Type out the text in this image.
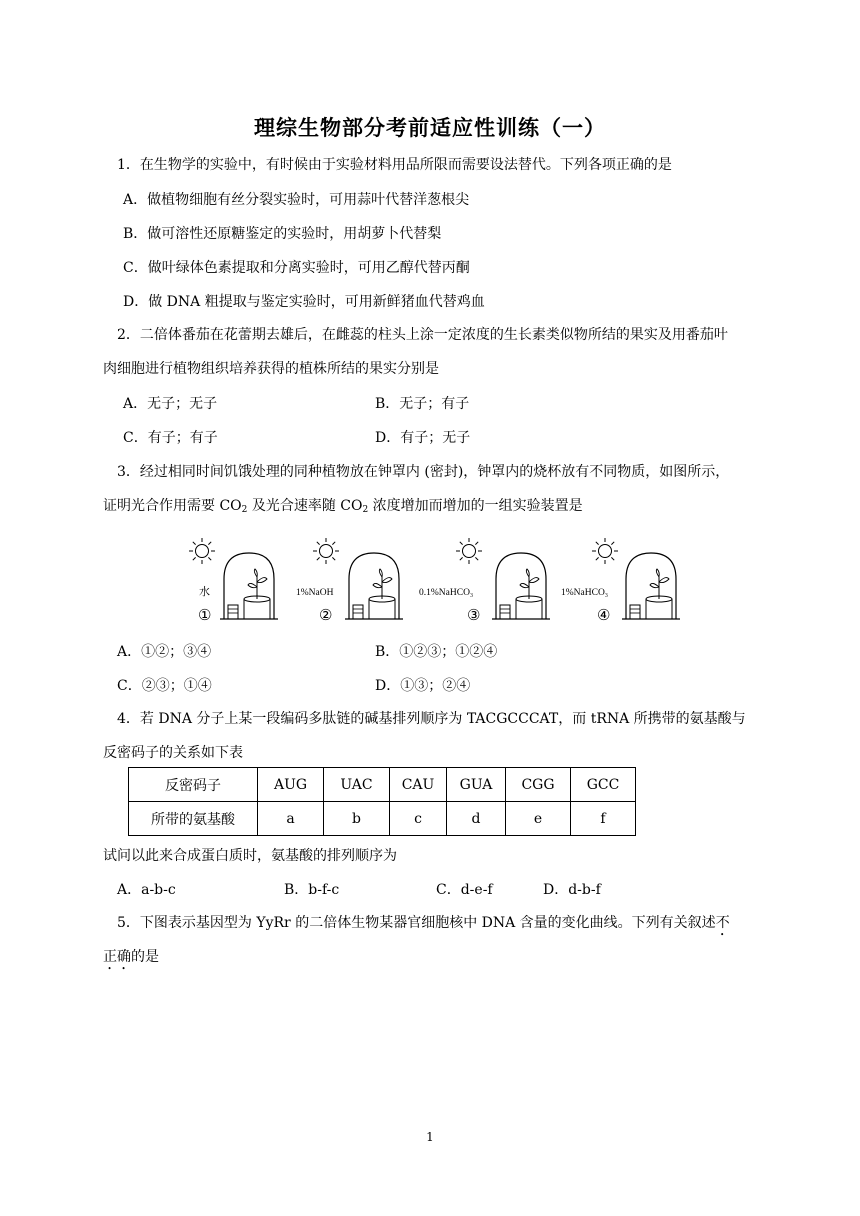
理综生物部分考前适应性训练（一）
1．在生物学的实验中，有时候由于实验材料用品所限而需要设法替代。下列各项正确的是
A．做植物细胞有丝分裂实验时，可用蒜叶代替洋葱根尖
B．做可溶性还原糖鉴定的实验时，用胡萝卜代替梨
C．做叶绿体色素提取和分离实验时，可用乙醇代替丙酮
D．做 DNA 粗提取与鉴定实验时，可用新鲜猪血代替鸡血
2．二倍体番茄在花蕾期去雄后，在雌蕊的柱头上涂一定浓度的生长素类似物所结的果实及用番茄叶
肉细胞进行植物组织培养获得的植株所结的果实分别是
A．无子；无子	B．无子；有子
C．有子；有子	D．有子；无子
3．经过相同时间饥饿处理的同种植物放在钟罩内 (密封)，钟罩内的烧杯放有不同物质，如图所示，
证明光合作用需要 $CO_2$ 及光合速率随 $CO_2$ 浓度增加而增加的一组实验装置是
水
①
1%NaOH
②
0.1%NaHCO₃
③
1%NaHCO₃
④
A．①②；③④	B．①②③；①②④
C．②③；①④	D．①③；②④
4．若 DNA 分子上某一段编码多肽链的碱基排列顺序为 TACGCCCAT，而 tRNA 所携带的氨基酸与
反密码子的关系如下表
反密码子	AUG	UAC	CAU	GUA	CGG	GCC
所带的氨基酸	a	b	c	d	e	f
试问以此来合成蛋白质时，氨基酸的排列顺序为
A．a-b-c	B．b-f-c	C．d-e-f	D．d-b-f
5．下图表示基因型为 YyRr 的二倍体生物某器官细胞核中 DNA 含量的变化曲线。下列有关叙述不
正确的是
1
